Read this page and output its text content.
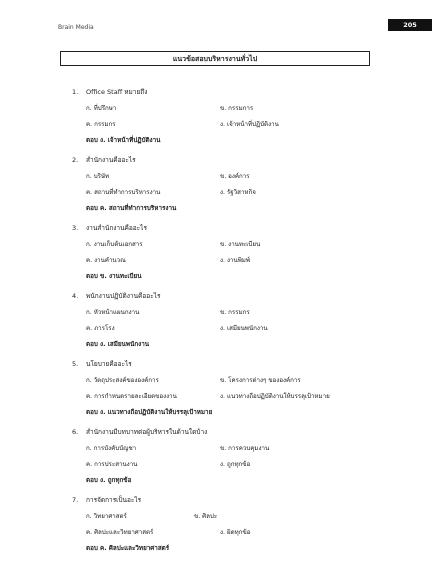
Brain Media	205
แนวข้อสอบบริหารงานทั่วไป
1. Office Staff หมายถึง
ก. ที่ปรึกษา	ข. กรรมการ
ค. กรรมกร	ง. เจ้าหน้าที่ปฏิบัติงาน
ตอบ ง. เจ้าหน้าที่ปฏิบัติงาน
2. สำนักงานคืออะไร
ก. บริษัท	ข. องค์การ
ค. สถานที่ทำการบริหารงาน	ง. รัฐวิสาหกิจ
ตอบ ค. สถานที่ทำการบริหารงาน
3. งานสำนักงานคืออะไร
ก. งานเก็บต้นเอกสาร	ข. งานทะเบียน
ค. งานคำนวณ	ง. งานพิมพ์
ตอบ ข. งานทะเบียน
4. พนักงานปฏิบัติงานคืออะไร
ก. หัวหน้าแผนกงาน	ข. กรรมกร
ค. ภารโรง	ง. เสมียนพนักงาน
ตอบ ง. เสมียนพนักงาน
5. นโยบายคืออะไร
ก. วัตถุประสงค์ขององค์การ	ข. โครงการต่างๆ ขององค์การ
ค. การกำหนดรายละเอียดของงาน	ง. แนวทางถือปฏิบัติงานให้บรรลุเป้าหมาย
ตอบ ง. แนวทางถือปฏิบัติงานให้บรรลุเป้าหมาย
6. สำนักงานมีบทบาทต่อผู้บริหารในด้านใดบ้าง
ก. การบังคับบัญชา	ข. การควบคุมงาน
ค. การประสานงาน	ง. ถูกทุกข้อ
ตอบ ง. ถูกทุกข้อ
7. การจัดการเป็นอะไร
ก. วิทยาศาสตร์	ข. ศิลปะ
ค. ศิลปะและวิทยาศาสตร์	ง. ผิดทุกข้อ
ตอบ ค. ศิลปะและวิทยาศาสตร์
